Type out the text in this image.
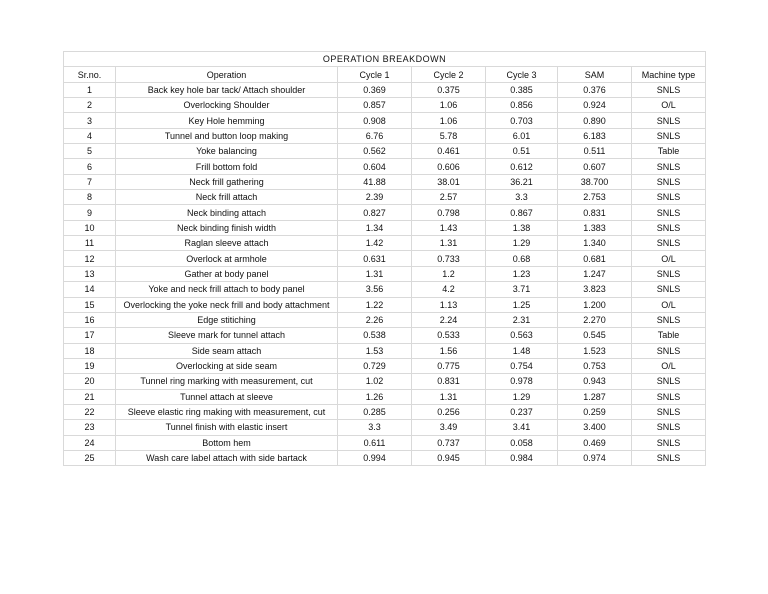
OPERATION BREAKDOWN						
Sr.no.	Operation	Cycle 1	Cycle 2	Cycle 3	SAM	Machine type
1	Back key hole bar tack/ Attach shoulder	0.369	0.375	0.385	0.376	SNLS
2	Overlocking Shoulder	0.857	1.06	0.856	0.924	O/L
3	Key Hole hemming	0.908	1.06	0.703	0.890	SNLS
4	Tunnel and button loop making	6.76	5.78	6.01	6.183	SNLS
5	Yoke balancing	0.562	0.461	0.51	0.511	Table
6	Frill bottom fold	0.604	0.606	0.612	0.607	SNLS
7	Neck frill gathering	41.88	38.01	36.21	38.700	SNLS
8	Neck frill attach	2.39	2.57	3.3	2.753	SNLS
9	Neck binding attach	0.827	0.798	0.867	0.831	SNLS
10	Neck binding finish width	1.34	1.43	1.38	1.383	SNLS
11	Raglan sleeve attach	1.42	1.31	1.29	1.340	SNLS
12	Overlock at armhole	0.631	0.733	0.68	0.681	O/L
13	Gather at body panel	1.31	1.2	1.23	1.247	SNLS
14	Yoke and neck frill attach to body panel	3.56	4.2	3.71	3.823	SNLS
15	Overlocking the yoke neck frill and body attachment	1.22	1.13	1.25	1.200	O/L
16	Edge stitiching	2.26	2.24	2.31	2.270	SNLS
17	Sleeve mark for tunnel attach	0.538	0.533	0.563	0.545	Table
18	Side seam attach	1.53	1.56	1.48	1.523	SNLS
19	Overlocking at side seam	0.729	0.775	0.754	0.753	O/L
20	Tunnel ring marking with measurement, cut	1.02	0.831	0.978	0.943	SNLS
21	Tunnel attach at sleeve	1.26	1.31	1.29	1.287	SNLS
22	Sleeve elastic ring making with measurement, cut	0.285	0.256	0.237	0.259	SNLS
23	Tunnel finish with elastic insert	3.3	3.49	3.41	3.400	SNLS
24	Bottom hem	0.611	0.737	0.058	0.469	SNLS
25	Wash care label attach with side bartack	0.994	0.945	0.984	0.974	SNLS
